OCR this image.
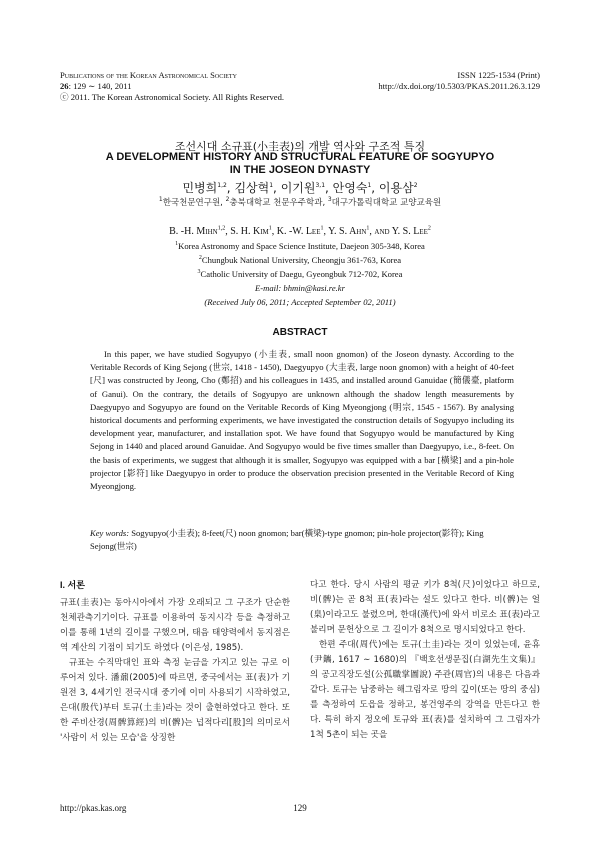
Publications of the Korean Astronomical Society	ISSN 1225-1534 (Print)
26: 129 ∼ 140, 2011	http://dx.doi.org/10.5303/PKAS.2011.26.3.129
ⓒ 2011. The Korean Astronomical Society. All Rights Reserved.
조선시대 소규표(小圭表)의 개발 역사와 구조적 특징
A DEVELOPMENT HISTORY AND STRUCTURAL FEATURE OF SOGYUPYO
IN THE JOSEON DYNASTY
민병희$^{1,2}$, 김상혁$^1$, 이기원$^{3,1}$, 안영숙$^1$, 이용삼$^2$
$^1$한국천문연구원, $^2$충북대학교 천문우주학과, $^3$대구가톨릭대학교 교양교육원
B. -H. Mihn$^{1,2}$, S. H. Kim$^1$, K. -W. Lee$^1$, Y. S. Ahn$^1$, and Y. S. Lee$^2$
$^1$Korea Astronomy and Space Science Institute, Daejeon 305-348, Korea
$^2$Chungbuk National University, Cheongju 361-763, Korea
$^3$Catholic University of Daegu, Gyeongbuk 712-702, Korea
E-mail: bhmin@kasi.re.kr
(Received July 06, 2011; Accepted September 02, 2011)
ABSTRACT
In this paper, we have studied Sogyupyo (小圭表, small noon gnomon) of the Joseon dynasty. According to the Veritable Records of King Sejong (世宗, 1418 - 1450), Daegyupyo (大圭表, large noon gnomon) with a height of 40-feet [尺] was constructed by Jeong, Cho (鄭招) and his colleagues in 1435, and installed around Ganuidae (簡儀臺, platform of Ganui). On the contrary, the details of Sogyupyo are unknown although the shadow length measurements by Daegyupyo and Sogyupyo are found on the Veritable Records of King Myeongjong (明宗, 1545 - 1567). By analysing historical documents and performing experiments, we have investigated the construction details of Sogyupyo including its development year, manufacturer, and installation spot. We have found that Sogyupyo would be manufactured by King Sejong in 1440 and placed around Ganuidae. And Sogyupyo would be five times smaller than Daegyupyo, i.e., 8-feet. On the basis of experiments, we suggest that although it is smaller, Sogyupyo was equipped with a bar [橫梁] and a pin-hole projector [影符] like Daegyupyo in order to produce the observation precision presented in the Veritable Record of King Myeongjong.
Key words: Sogyupyo(小圭表); 8-feet(尺) noon gnomon; bar(橫梁)-type gnomon; pin-hole projector(影符); King Sejong(世宗)
I. 서론

규표(圭表)는 동아시아에서 가장 오래되고 그 구조가 단순한 천체관측기기이다. 규표를 이용하여 동지시각 등을 측정하고 이를 통해 1년의 길이를 구했으며, 태음 태양력에서 동지점은 역 계산의 기점이 되기도 하였다 (이은성, 1985).

규표는 수직막대인 표와 측정 눈금을 가지고 있는 규로 이루어져 있다. 潘鼐(2005)에 따르면, 중국에서는 표(表)가 기원전 3, 4세기인 전국시대 중기에 이미 사용되기 시작하였고, 은대(殷代)부터 토규(土圭)라는 것이 출현하였다고 한다. 또한 주비산경(周髀算經)의 비(髀)는 넙적다리[股]의 의미로서 '사람이 서 있는 모습'을 상징한

다고 한다. 당시 사람의 평균 키가 8척(尺)이었다고 하므로, 비(髀)는 곧 8척 표(表)라는 설도 있다고 한다. 비(髀)는 얼(臬)이라고도 불렸으며, 한대(漢代)에 와서 비로소 표(表)라고 불리며 문헌상으로 그 길이가 8척으로 명시되었다고 한다.

한편 주대(周代)에는 토규(土圭)라는 것이 있었는데, 윤휴(尹鑴, 1617 ∼ 1680)의 『백호선생문집(白湖先生文集)』의 공고직장도설(公孤職掌圖說) 주관(周官)의 내용은 다음과 같다. 토규는 남중하는 해그림자로 땅의 깊이(또는 땅의 중심)를 측정하여 도읍을 정하고, 봉건영주의 강역을 만든다고 한다. 특히 하지 정오에 토규와 표(表)를 설치하여 그 그림자가 1척 5촌이 되는 곳을

http://pkas.kas.org	129
